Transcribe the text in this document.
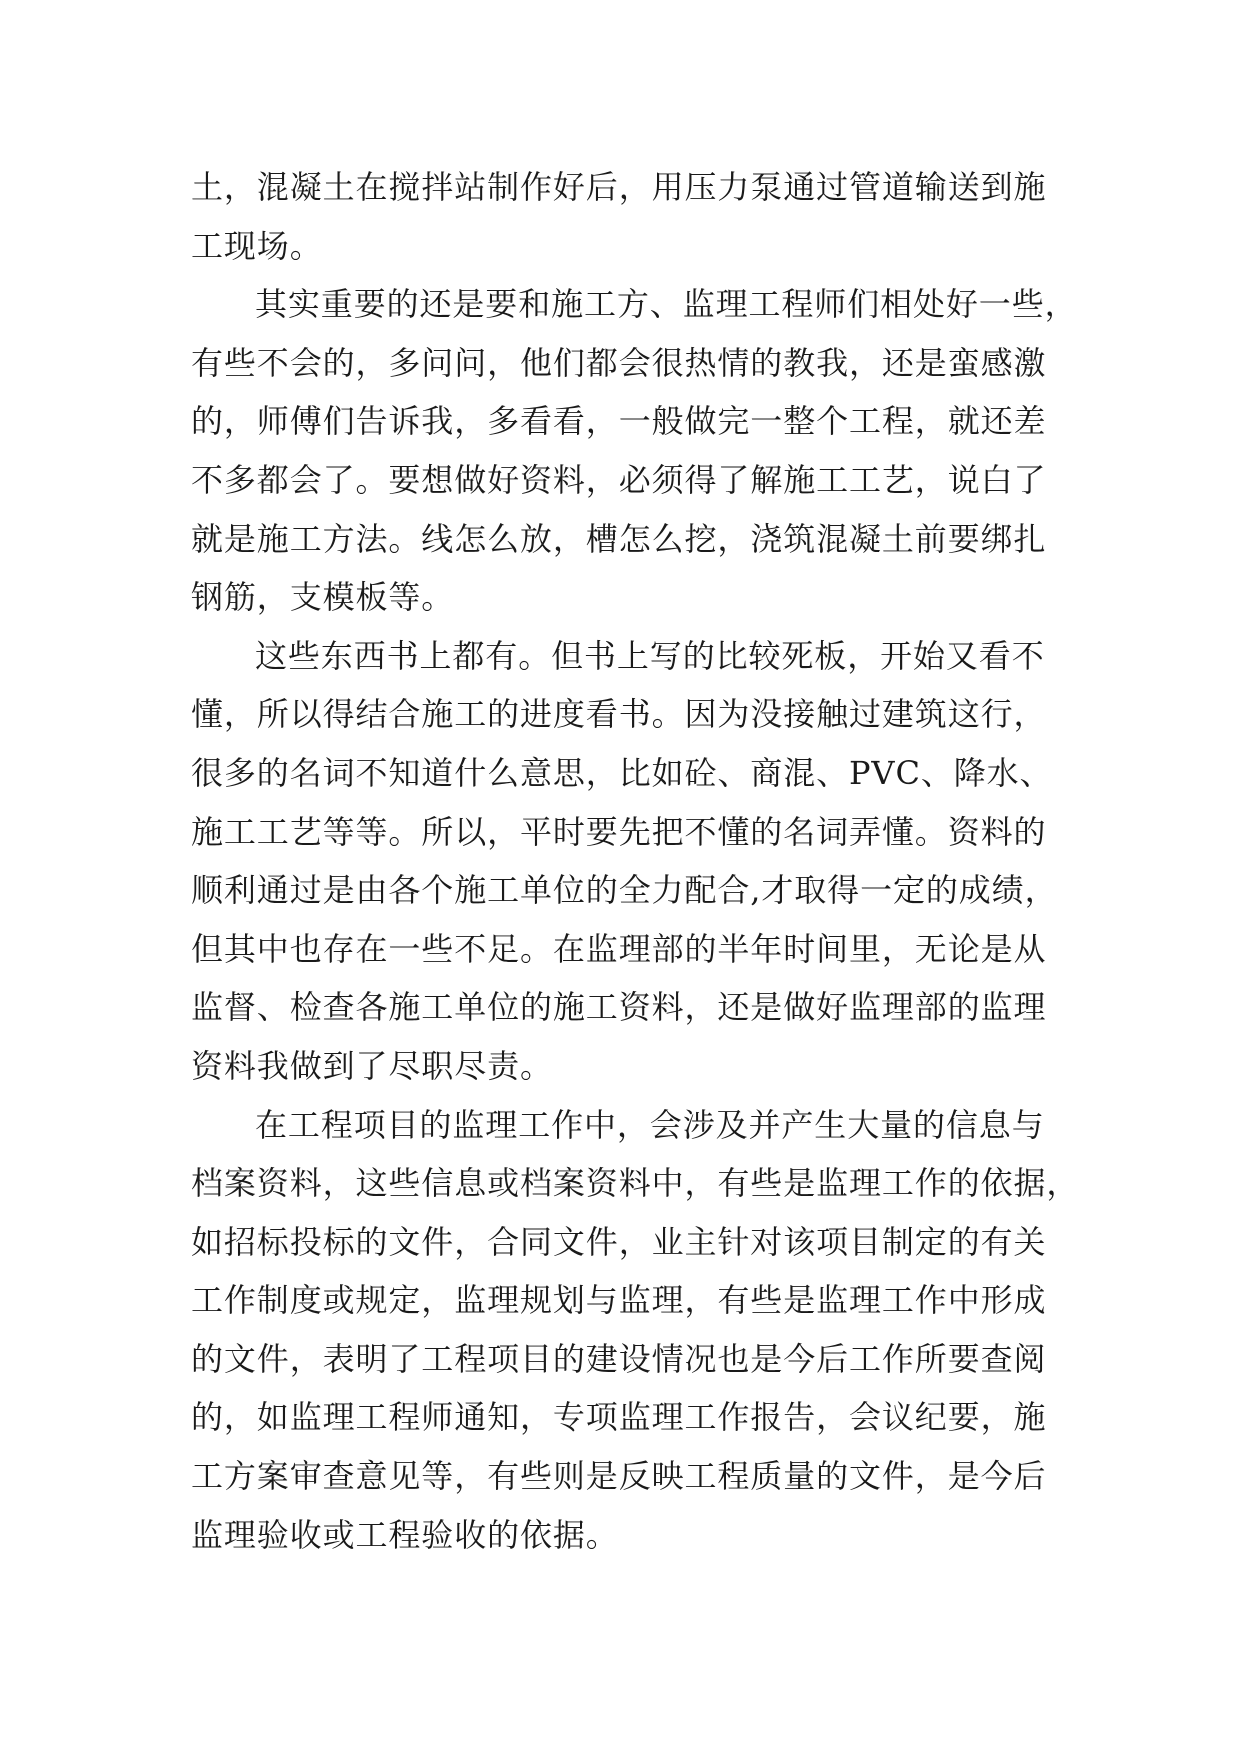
土，混凝土在搅拌站制作好后，用压力泵通过管道输送到施
工现场。
其实重要的还是要和施工方、监理工程师们相处好一些，
有些不会的，多问问，他们都会很热情的教我，还是蛮感激
的，师傅们告诉我，多看看，一般做完一整个工程，就还差
不多都会了。要想做好资料，必须得了解施工工艺，说白了
就是施工方法。线怎么放，槽怎么挖，浇筑混凝土前要绑扎
钢筋，支模板等。
这些东西书上都有。但书上写的比较死板，开始又看不
懂，所以得结合施工的进度看书。因为没接触过建筑这行，
很多的名词不知道什么意思，比如砼、商混、PVC、降水、
施工工艺等等。所以，平时要先把不懂的名词弄懂。资料的
顺利通过是由各个施工单位的全力配合,才取得一定的成绩，
但其中也存在一些不足。在监理部的半年时间里，无论是从
监督、检查各施工单位的施工资料，还是做好监理部的监理
资料我做到了尽职尽责。
在工程项目的监理工作中，会涉及并产生大量的信息与
档案资料，这些信息或档案资料中，有些是监理工作的依据，
如招标投标的文件，合同文件，业主针对该项目制定的有关
工作制度或规定，监理规划与监理，有些是监理工作中形成
的文件，表明了工程项目的建设情况也是今后工作所要查阅
的，如监理工程师通知，专项监理工作报告，会议纪要，施
工方案审查意见等，有些则是反映工程质量的文件，是今后
监理验收或工程验收的依据。
